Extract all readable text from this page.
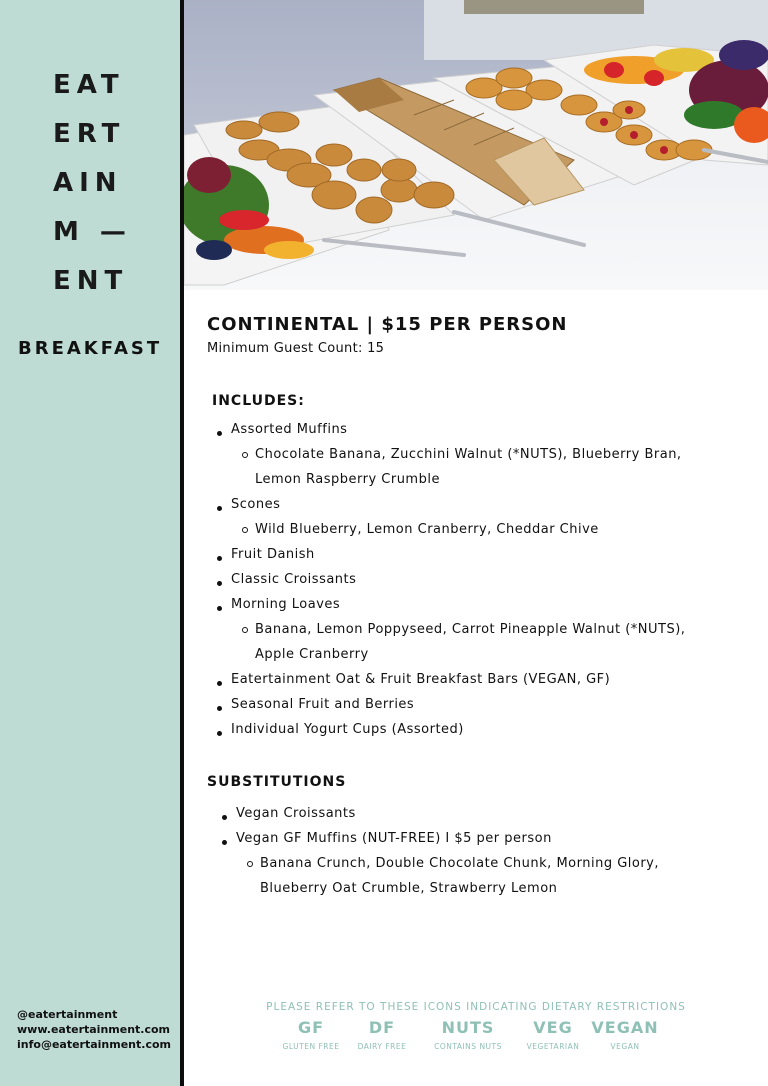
EAT
ERT
AIN
M —
ENT
BREAKFAST
@eatertainment
www.eatertainment.com
info@eatertainment.com
CONTINENTAL | $15 PER PERSON
Minimum Guest Count: 15
INCLUDES:
Assorted Muffins
Chocolate Banana, Zucchini Walnut (*NUTS), Blueberry Bran,
Lemon Raspberry Crumble
Scones
Wild Blueberry, Lemon Cranberry, Cheddar Chive
Fruit Danish
Classic Croissants
Morning Loaves
Banana, Lemon Poppyseed, Carrot Pineapple Walnut (*NUTS),
Apple Cranberry
Eatertainment Oat & Fruit Breakfast Bars (VEGAN, GF)
Seasonal Fruit and Berries
Individual Yogurt Cups (Assorted)
SUBSTITUTIONS
Vegan Croissants
Vegan GF Muffins (NUT-FREE) I $5 per person
Banana Crunch, Double Chocolate Chunk, Morning Glory,
Blueberry Oat Crumble, Strawberry Lemon
PLEASE REFER TO THESE ICONS INDICATING DIETARY RESTRICTIONS
GF
GLUTEN FREE
DF
DAIRY FREE
NUTS
CONTAINS NUTS
VEG
VEGETARIAN
VEGAN
VEGAN
